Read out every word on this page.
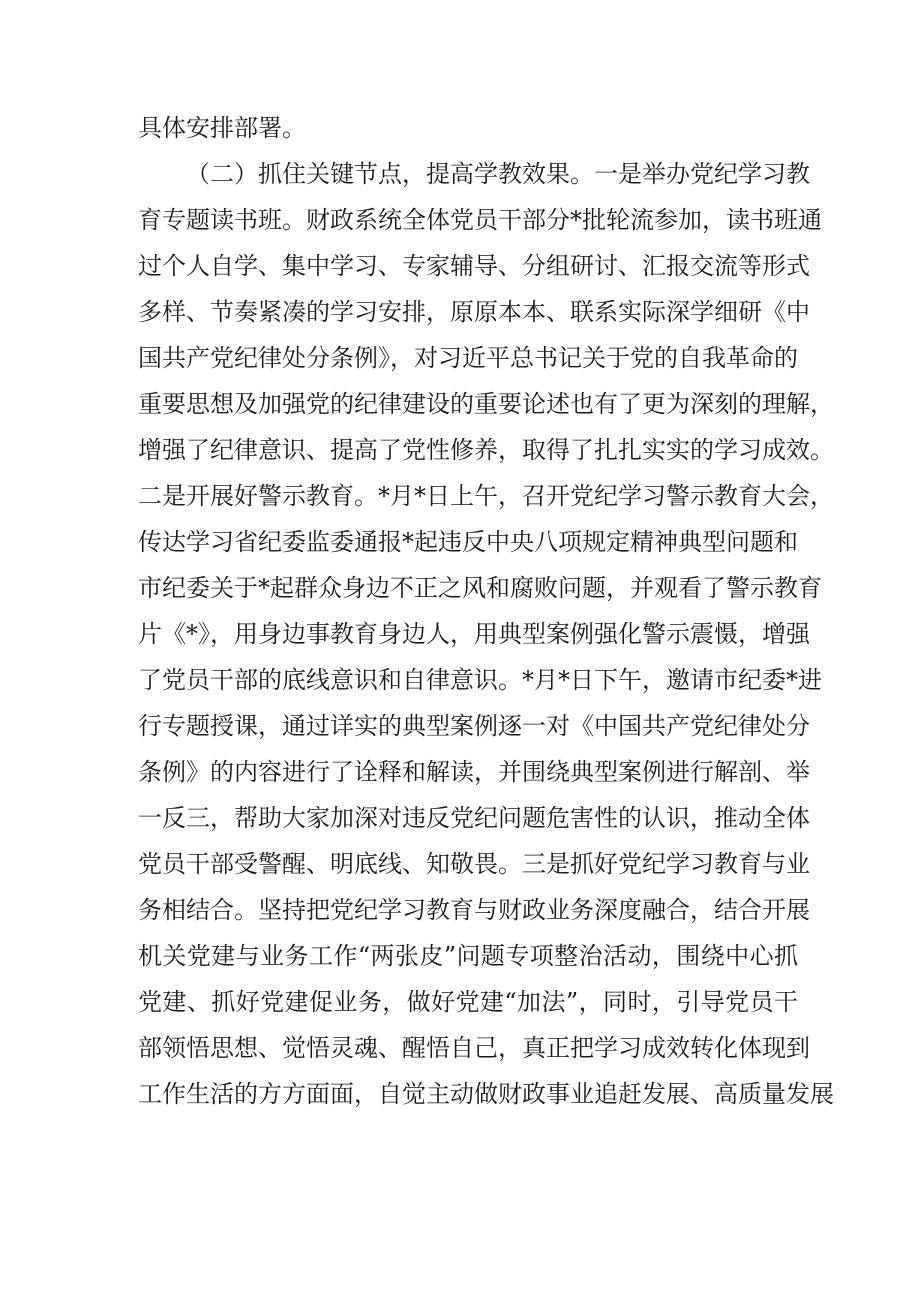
具体安排部署。
（二）抓住关键节点，提高学教效果。一是举办党纪学习教
育专题读书班。财政系统全体党员干部分*批轮流参加，读书班通
过个人自学、集中学习、专家辅导、分组研讨、汇报交流等形式
多样、节奏紧凑的学习安排，原原本本、联系实际深学细研《中
国共产党纪律处分条例》，对习近平总书记关于党的自我革命的
重要思想及加强党的纪律建设的重要论述也有了更为深刻的理解，
增强了纪律意识、提高了党性修养，取得了扎扎实实的学习成效。
二是开展好警示教育。*月*日上午，召开党纪学习警示教育大会，
传达学习省纪委监委通报*起违反中央八项规定精神典型问题和
市纪委关于*起群众身边不正之风和腐败问题，并观看了警示教育
片《*》，用身边事教育身边人，用典型案例强化警示震慑，增强
了党员干部的底线意识和自律意识。*月*日下午，邀请市纪委*进
行专题授课，通过详实的典型案例逐一对《中国共产党纪律处分
条例》的内容进行了诠释和解读，并围绕典型案例进行解剖、举
一反三，帮助大家加深对违反党纪问题危害性的认识，推动全体
党员干部受警醒、明底线、知敬畏。三是抓好党纪学习教育与业
务相结合。坚持把党纪学习教育与财政业务深度融合，结合开展
机关党建与业务工作“两张皮”问题专项整治活动，围绕中心抓
党建、抓好党建促业务，做好党建“加法”，同时，引导党员干
部领悟思想、觉悟灵魂、醒悟自己，真正把学习成效转化体现到
工作生活的方方面面，自觉主动做财政事业追赶发展、高质量发展
